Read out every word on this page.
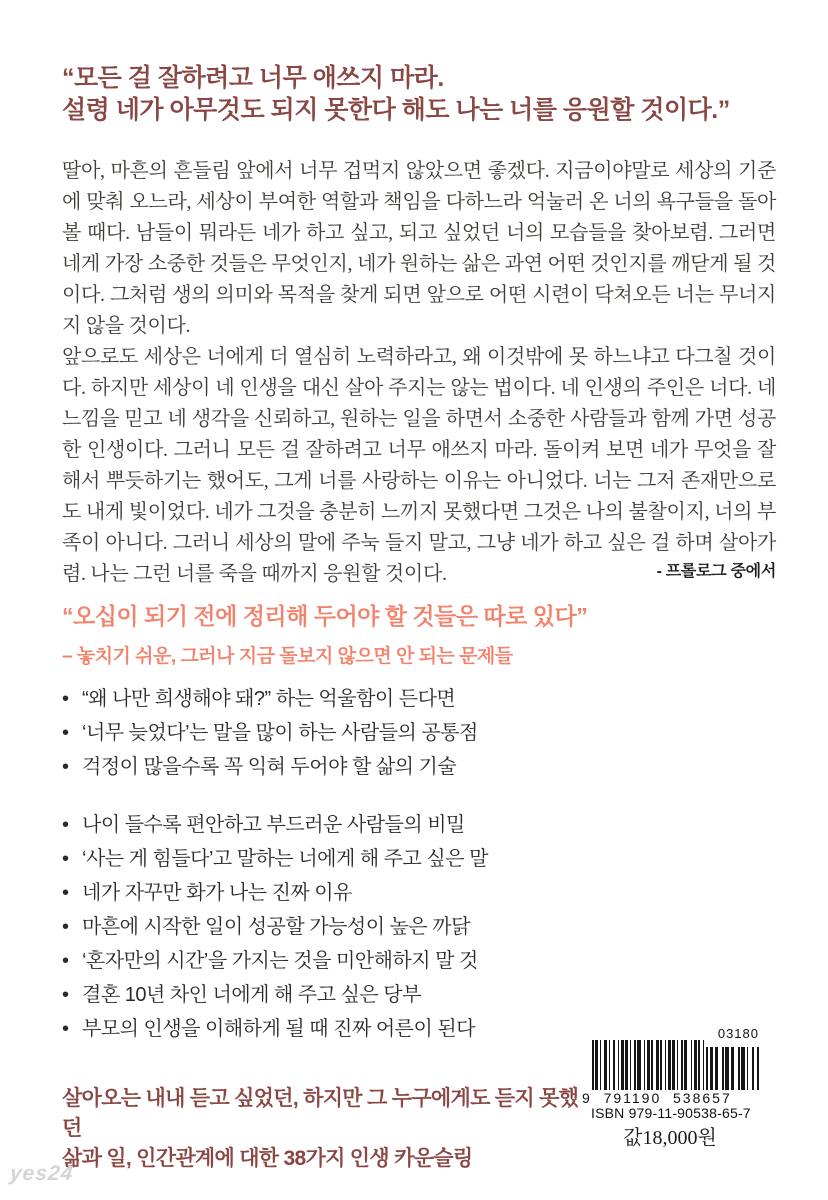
“모든 걸 잘하려고 너무 애쓰지 마라.
설령 네가 아무것도 되지 못한다 해도 나는 너를 응원할 것이다.”

딸아, 마흔의 흔들림 앞에서 너무 겁먹지 않았으면 좋겠다. 지금이야말로 세상의 기준에 맞춰 오느라, 세상이 부여한 역할과 책임을 다하느라 억눌러 온 너의 욕구들을 돌아볼 때다. 남들이 뭐라든 네가 하고 싶고, 되고 싶었던 너의 모습들을 찾아보렴. 그러면 네게 가장 소중한 것들은 무엇인지, 네가 원하는 삶은 과연 어떤 것인지를 깨닫게 될 것이다. 그처럼 생의 의미와 목적을 찾게 되면 앞으로 어떤 시련이 닥쳐오든 너는 무너지지 않을 것이다.

앞으로도 세상은 너에게 더 열심히 노력하라고, 왜 이것밖에 못 하느냐고 다그칠 것이다. 하지만 세상이 네 인생을 대신 살아 주지는 않는 법이다. 네 인생의 주인은 너다. 네 느낌을 믿고 네 생각을 신뢰하고, 원하는 일을 하면서 소중한 사람들과 함께 가면 성공한 인생이다. 그러니 모든 걸 잘하려고 너무 애쓰지 마라. 돌이켜 보면 네가 무엇을 잘해서 뿌듯하기는 했어도, 그게 너를 사랑하는 이유는 아니었다. 너는 그저 존재만으로도 내게 빛이었다. 네가 그것을 충분히 느끼지 못했다면 그것은 나의 불찰이지, 너의 부족이 아니다. 그러니 세상의 말에 주눅 들지 말고, 그냥 네가 하고 싶은 걸 하며 살아가렴. 나는 그런 너를 죽을 때까지 응원할 것이다.	- 프롤로그 중에서
“오십이 되기 전에 정리해 두어야 할 것들은 따로 있다”
– 놓치기 쉬운, 그러나 지금 돌보지 않으면 안 되는 문제들
• “왜 나만 희생해야 돼?” 하는 억울함이 든다면
• ‘너무 늦었다’는 말을 많이 하는 사람들의 공통점
• 걱정이 많을수록 꼭 익혀 두어야 할 삶의 기술
• 나이 들수록 편안하고 부드러운 사람들의 비밀
• ‘사는 게 힘들다’고 말하는 너에게 해 주고 싶은 말
• 네가 자꾸만 화가 나는 진짜 이유
• 마흔에 시작한 일이 성공할 가능성이 높은 까닭
• ‘혼자만의 시간’을 가지는 것을 미안해하지 말 것
• 결혼 10년 차인 너에게 해 주고 싶은 당부
• 부모의 인생을 이해하게 될 때 진짜 어른이 된다
살아오는 내내 듣고 싶었던, 하지만 그 누구에게도 듣지 못했던
삶과 일, 인간관계에 대한 38가지 인생 카운슬링
03180
9  791190  538657
ISBN 979-11-90538-65-7
값18,000원
yes24
